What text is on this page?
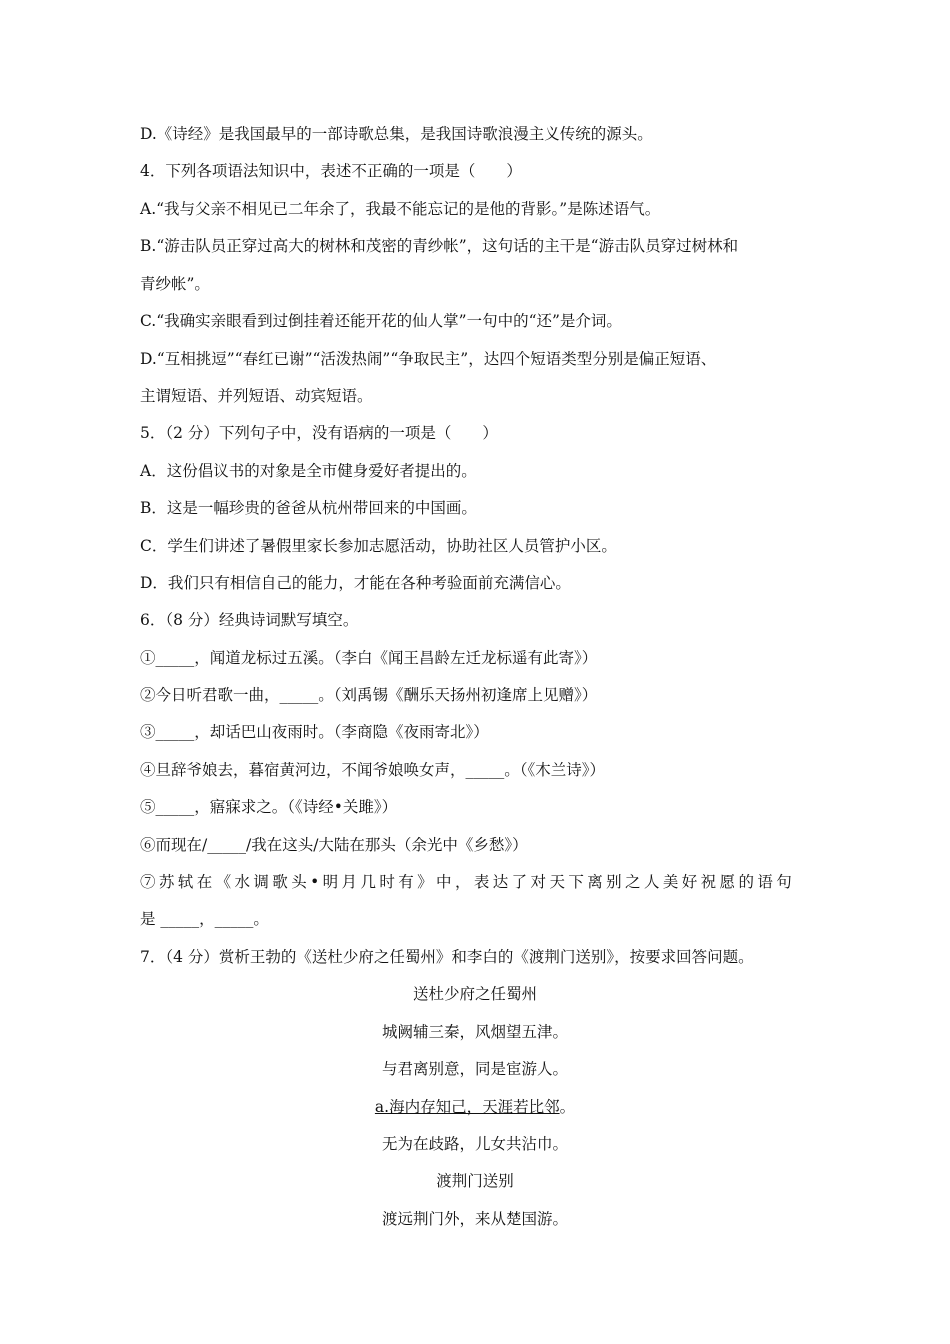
D.《诗经》是我国最早的一部诗歌总集，是我国诗歌浪漫主义传统的源头。
4．下列各项语法知识中，表述不正确的一项是（　　）
A.“我与父亲不相见已二年余了，我最不能忘记的是他的背影。”是陈述语气。
B.“游击队员正穿过高大的树林和茂密的青纱帐”，这句话的主干是“游击队员穿过树林和
青纱帐”。
C.“我确实亲眼看到过倒挂着还能开花的仙人掌”一句中的“还”是介词。
D.“互相挑逗”“春红已谢”“活泼热闹”“争取民主”，达四个短语类型分别是偏正短语、
主谓短语、并列短语、动宾短语。
5．（2 分）下列句子中，没有语病的一项是（　　）
A．这份倡议书的对象是全市健身爱好者提出的。
B．这是一幅珍贵的爸爸从杭州带回来的中国画。
C．学生们讲述了暑假里家长参加志愿活动，协助社区人员管护小区。
D．我们只有相信自己的能力，才能在各种考验面前充满信心。
6．（8 分）经典诗词默写填空。
①_____，闻道龙标过五溪。（李白《闻王昌龄左迁龙标遥有此寄》）
②今日听君歌一曲，_____。（刘禹锡《酬乐天扬州初逢席上见赠》）
③_____，却话巴山夜雨时。（李商隐《夜雨寄北》）
④旦辞爷娘去，暮宿黄河边，不闻爷娘唤女声，_____。（《木兰诗》）
⑤_____，寤寐求之。（《诗经•关雎》）
⑥而现在/_____/我在这头/大陆在那头（余光中《乡愁》）
⑦苏轼在《水调歌头•明月几时有》中，表达了对天下离别之人美好祝愿的语句
是 _____，_____。
7．（4 分）赏析王勃的《送杜少府之任蜀州》和李白的《渡荆门送别》，按要求回答问题。
送杜少府之任蜀州
城阙辅三秦，风烟望五津。
与君离别意，同是宦游人。
a.海内存知己，天涯若比邻。
无为在歧路，儿女共沾巾。
渡荆门送别
渡远荆门外，来从楚国游。
